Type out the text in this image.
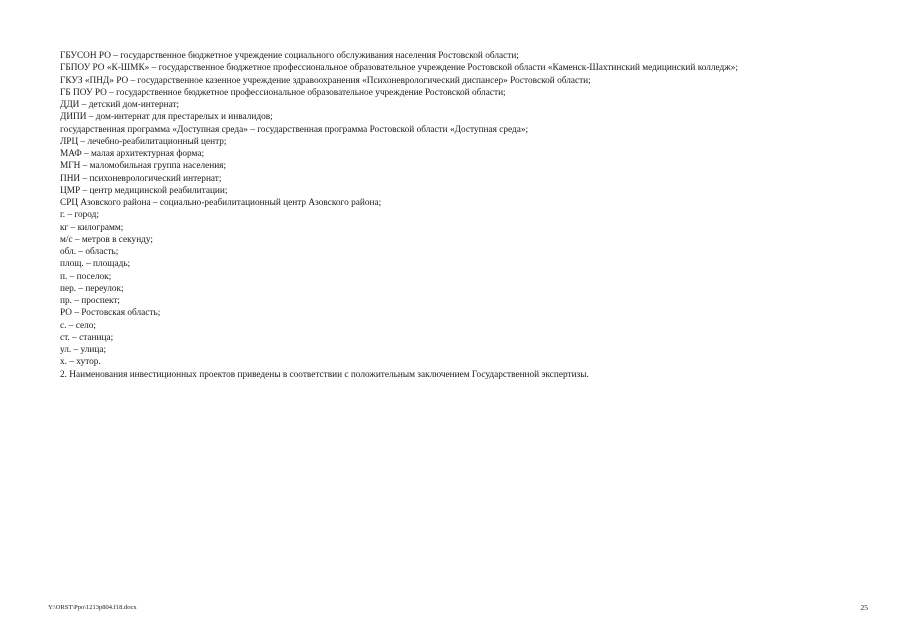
ГБУСОН РО – государственное бюджетное учреждение социального обслуживания населения Ростовской области;
ГБПОУ РО «К-ШМК» – государственное бюджетное профессиональное образовательное учреждение Ростовской области «Каменск-Шахтинский медицинский колледж»;
ГКУЗ «ПНД» РО – государственное казенное учреждение здравоохранения «Психоневрологический диспансер» Ростовской области;
ГБ ПОУ РО – государственное бюджетное профессиональное образовательное учреждение Ростовской области;
ДДИ – детский дом-интернат;
ДИПИ – дом-интернат для престарелых и инвалидов;
государственная программа «Доступная среда» – государственная программа Ростовской области «Доступная среда»;
ЛРЦ – лечебно-реабилитационный центр;
МАФ – малая архитектурная форма;
МГН – маломобильная группа населения;
ПНИ – психоневрологический интернат;
ЦМР – центр медицинской реабилитации;
СРЦ Азовского района – социально-реабилитационный центр Азовского района;
г. – город;
кг – килограмм;
м/с – метров в секунду;
обл. – область;
площ. – площадь;
п. – поселок;
пер. – переулок;
пр. – проспект;
РО – Ростовская область;
с. – село;
ст. – станица;
ул. – улица;
х. – хутор.
2. Наименования инвестиционных проектов приведены в соответствии с положительным заключением Государственной экспертизы.
Y:\ORST\Ppo\1213p804.f18.docx	25
